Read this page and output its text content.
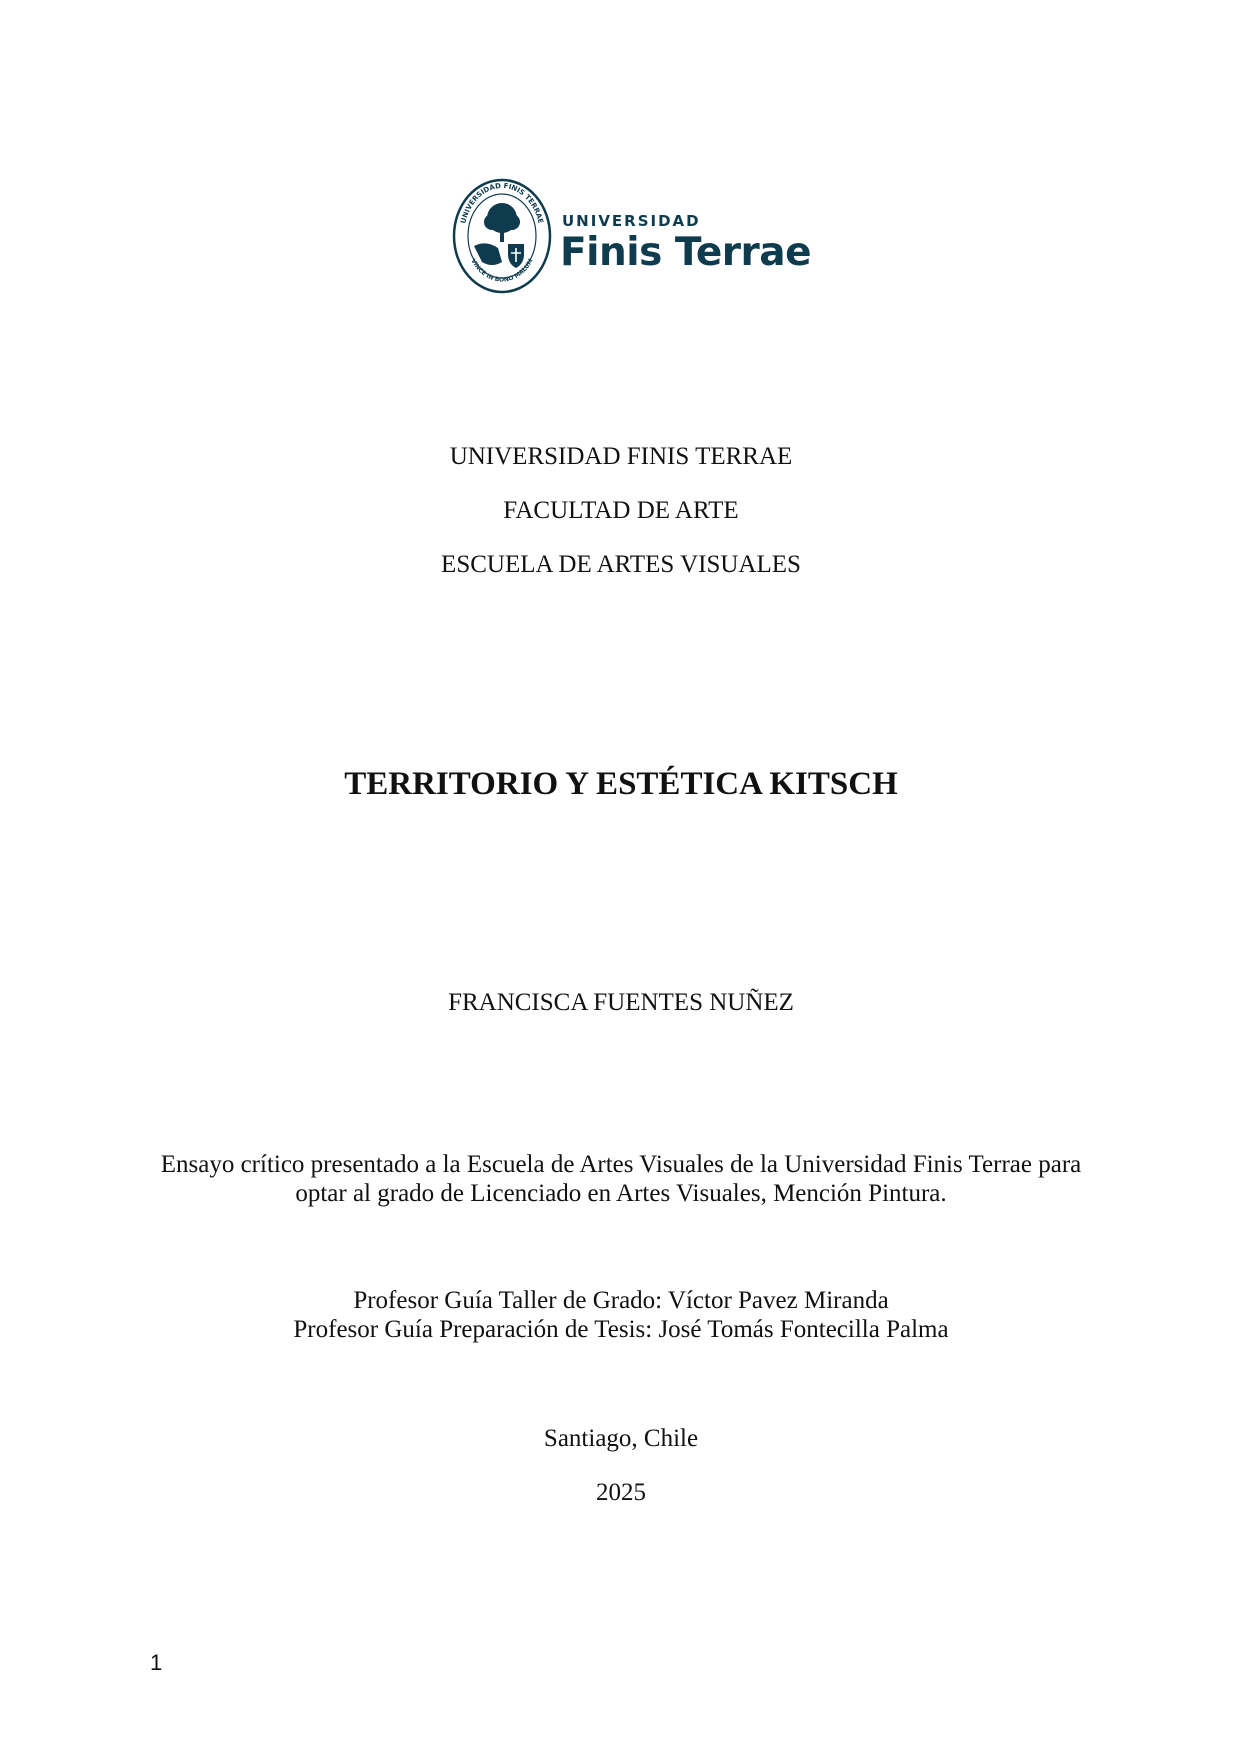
UNIVERSIDAD FINIS TERRAE
VINCE IN BONO MALUM
UNIVERSIDAD
Finis Terrae
UNIVERSIDAD FINIS TERRAE
FACULTAD DE ARTE
ESCUELA DE ARTES VISUALES
TERRITORIO Y ESTÉTICA KITSCH
FRANCISCA FUENTES NUÑEZ
Ensayo crítico presentado a la Escuela de Artes Visuales de la Universidad Finis Terrae para
optar al grado de Licenciado en Artes Visuales, Mención Pintura.
Profesor Guía Taller de Grado: Víctor Pavez Miranda
Profesor Guía Preparación de Tesis: José Tomás Fontecilla Palma
Santiago, Chile
2025
1
